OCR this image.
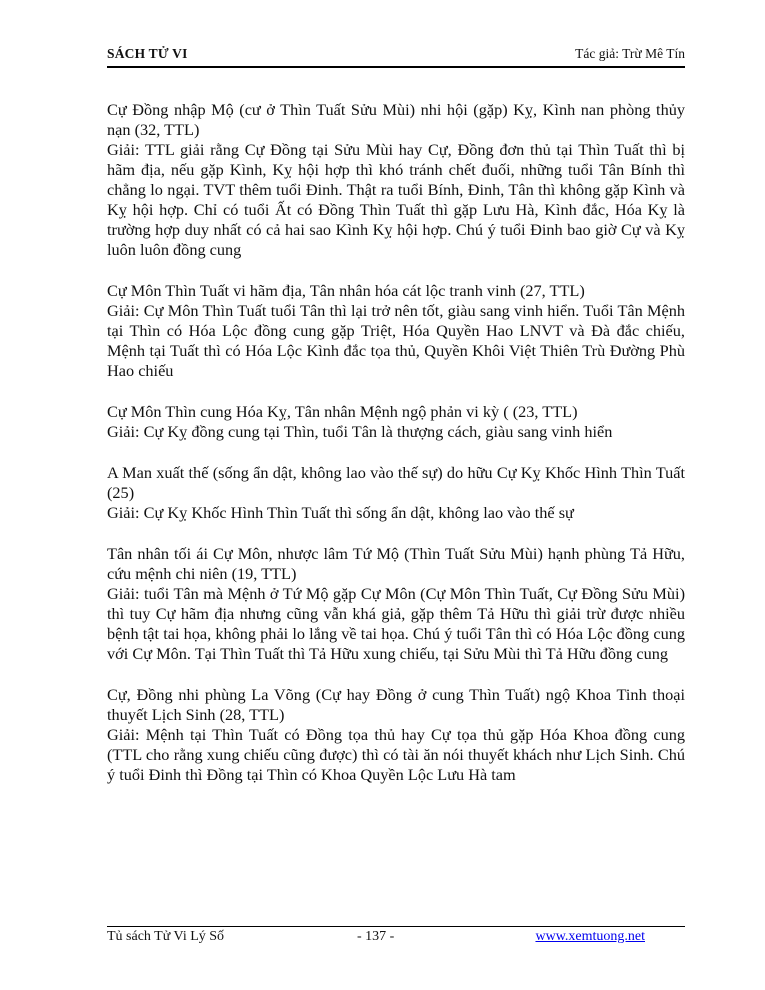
SÁCH TỬ VI	Tác giả: Trừ Mê Tín

Cự Đồng nhập Mộ (cư ở Thìn Tuất Sửu Mùi) nhi hội (gặp) Kỵ, Kình nan phòng thủy nạn (32, TTL)

Giải: TTL giải rằng Cự Đồng tại Sửu Mùi hay Cự, Đồng đơn thủ tại Thìn Tuất thì bị hãm địa, nếu gặp Kình, Kỵ hội hợp thì khó tránh chết đuối, những tuổi Tân Bính thì chẳng lo ngại. TVT thêm tuổi Đinh. Thật ra tuổi Bính, Đinh, Tân thì không gặp Kình và Kỵ hội hợp. Chỉ có tuổi Ất có Đồng Thìn Tuất thì gặp Lưu Hà, Kình đắc, Hóa Kỵ là trường hợp duy nhất có cả hai sao Kình Kỵ hội hợp. Chú ý tuổi Đinh bao giờ Cự và Kỵ luôn luôn đồng cung

Cự Môn Thìn Tuất vi hãm địa, Tân nhân hóa cát lộc tranh vinh (27, TTL)

Giải: Cự Môn Thìn Tuất tuổi Tân thì lại trở nên tốt, giàu sang vinh hiển. Tuổi Tân Mệnh tại Thìn có Hóa Lộc đồng cung gặp Triệt, Hóa Quyền Hao LNVT và Đà đắc chiếu, Mệnh tại Tuất thì có Hóa Lộc Kình đắc tọa thủ, Quyền Khôi Việt Thiên Trù Đường Phù Hao chiếu

Cự Môn Thìn cung Hóa Kỵ, Tân nhân Mệnh ngộ phản vi kỳ ( (23, TTL)

Giải: Cự Kỵ đồng cung tại Thìn, tuổi Tân là thượng cách, giàu sang vinh hiển

A Man xuất thế (sống ẩn dật, không lao vào thế sự) do hữu Cự Kỵ Khốc Hình Thìn Tuất (25)

Giải: Cự Kỵ Khốc Hình Thìn Tuất thì sống ẩn dật, không lao vào thế sự

Tân nhân tối ái Cự Môn, nhược lâm Tứ Mộ (Thìn Tuất Sửu Mùi) hạnh phùng Tả Hữu, cứu mệnh chi niên (19, TTL)

Giải: tuổi Tân mà Mệnh ở Tứ Mộ gặp Cự Môn (Cự Môn Thìn Tuất, Cự Đồng Sửu Mùi) thì tuy Cự hãm địa nhưng cũng vẫn khá giả, gặp thêm Tả Hữu thì giải trừ được nhiều bệnh tật tai họa, không phải lo lắng về tai họa. Chú ý tuổi Tân thì có Hóa Lộc đồng cung với Cự Môn. Tại Thìn Tuất thì Tả Hữu xung chiếu, tại Sửu Mùi thì Tả Hữu đồng cung

Cự, Đồng nhi phùng La Võng (Cự hay Đồng ở cung Thìn Tuất) ngộ Khoa Tinh thoại thuyết Lịch Sinh (28, TTL)

Giải: Mệnh tại Thìn Tuất có Đồng tọa thủ hay Cự tọa thủ gặp Hóa Khoa đồng cung (TTL cho rằng xung chiếu cũng được) thì có tài ăn nói thuyết khách như Lịch Sinh. Chú ý tuổi Đinh thì Đồng tại Thìn có Khoa Quyền Lộc Lưu Hà tam

Tủ sách Tử Vi Lý Số	- 137 -	www.xemtuong.net
